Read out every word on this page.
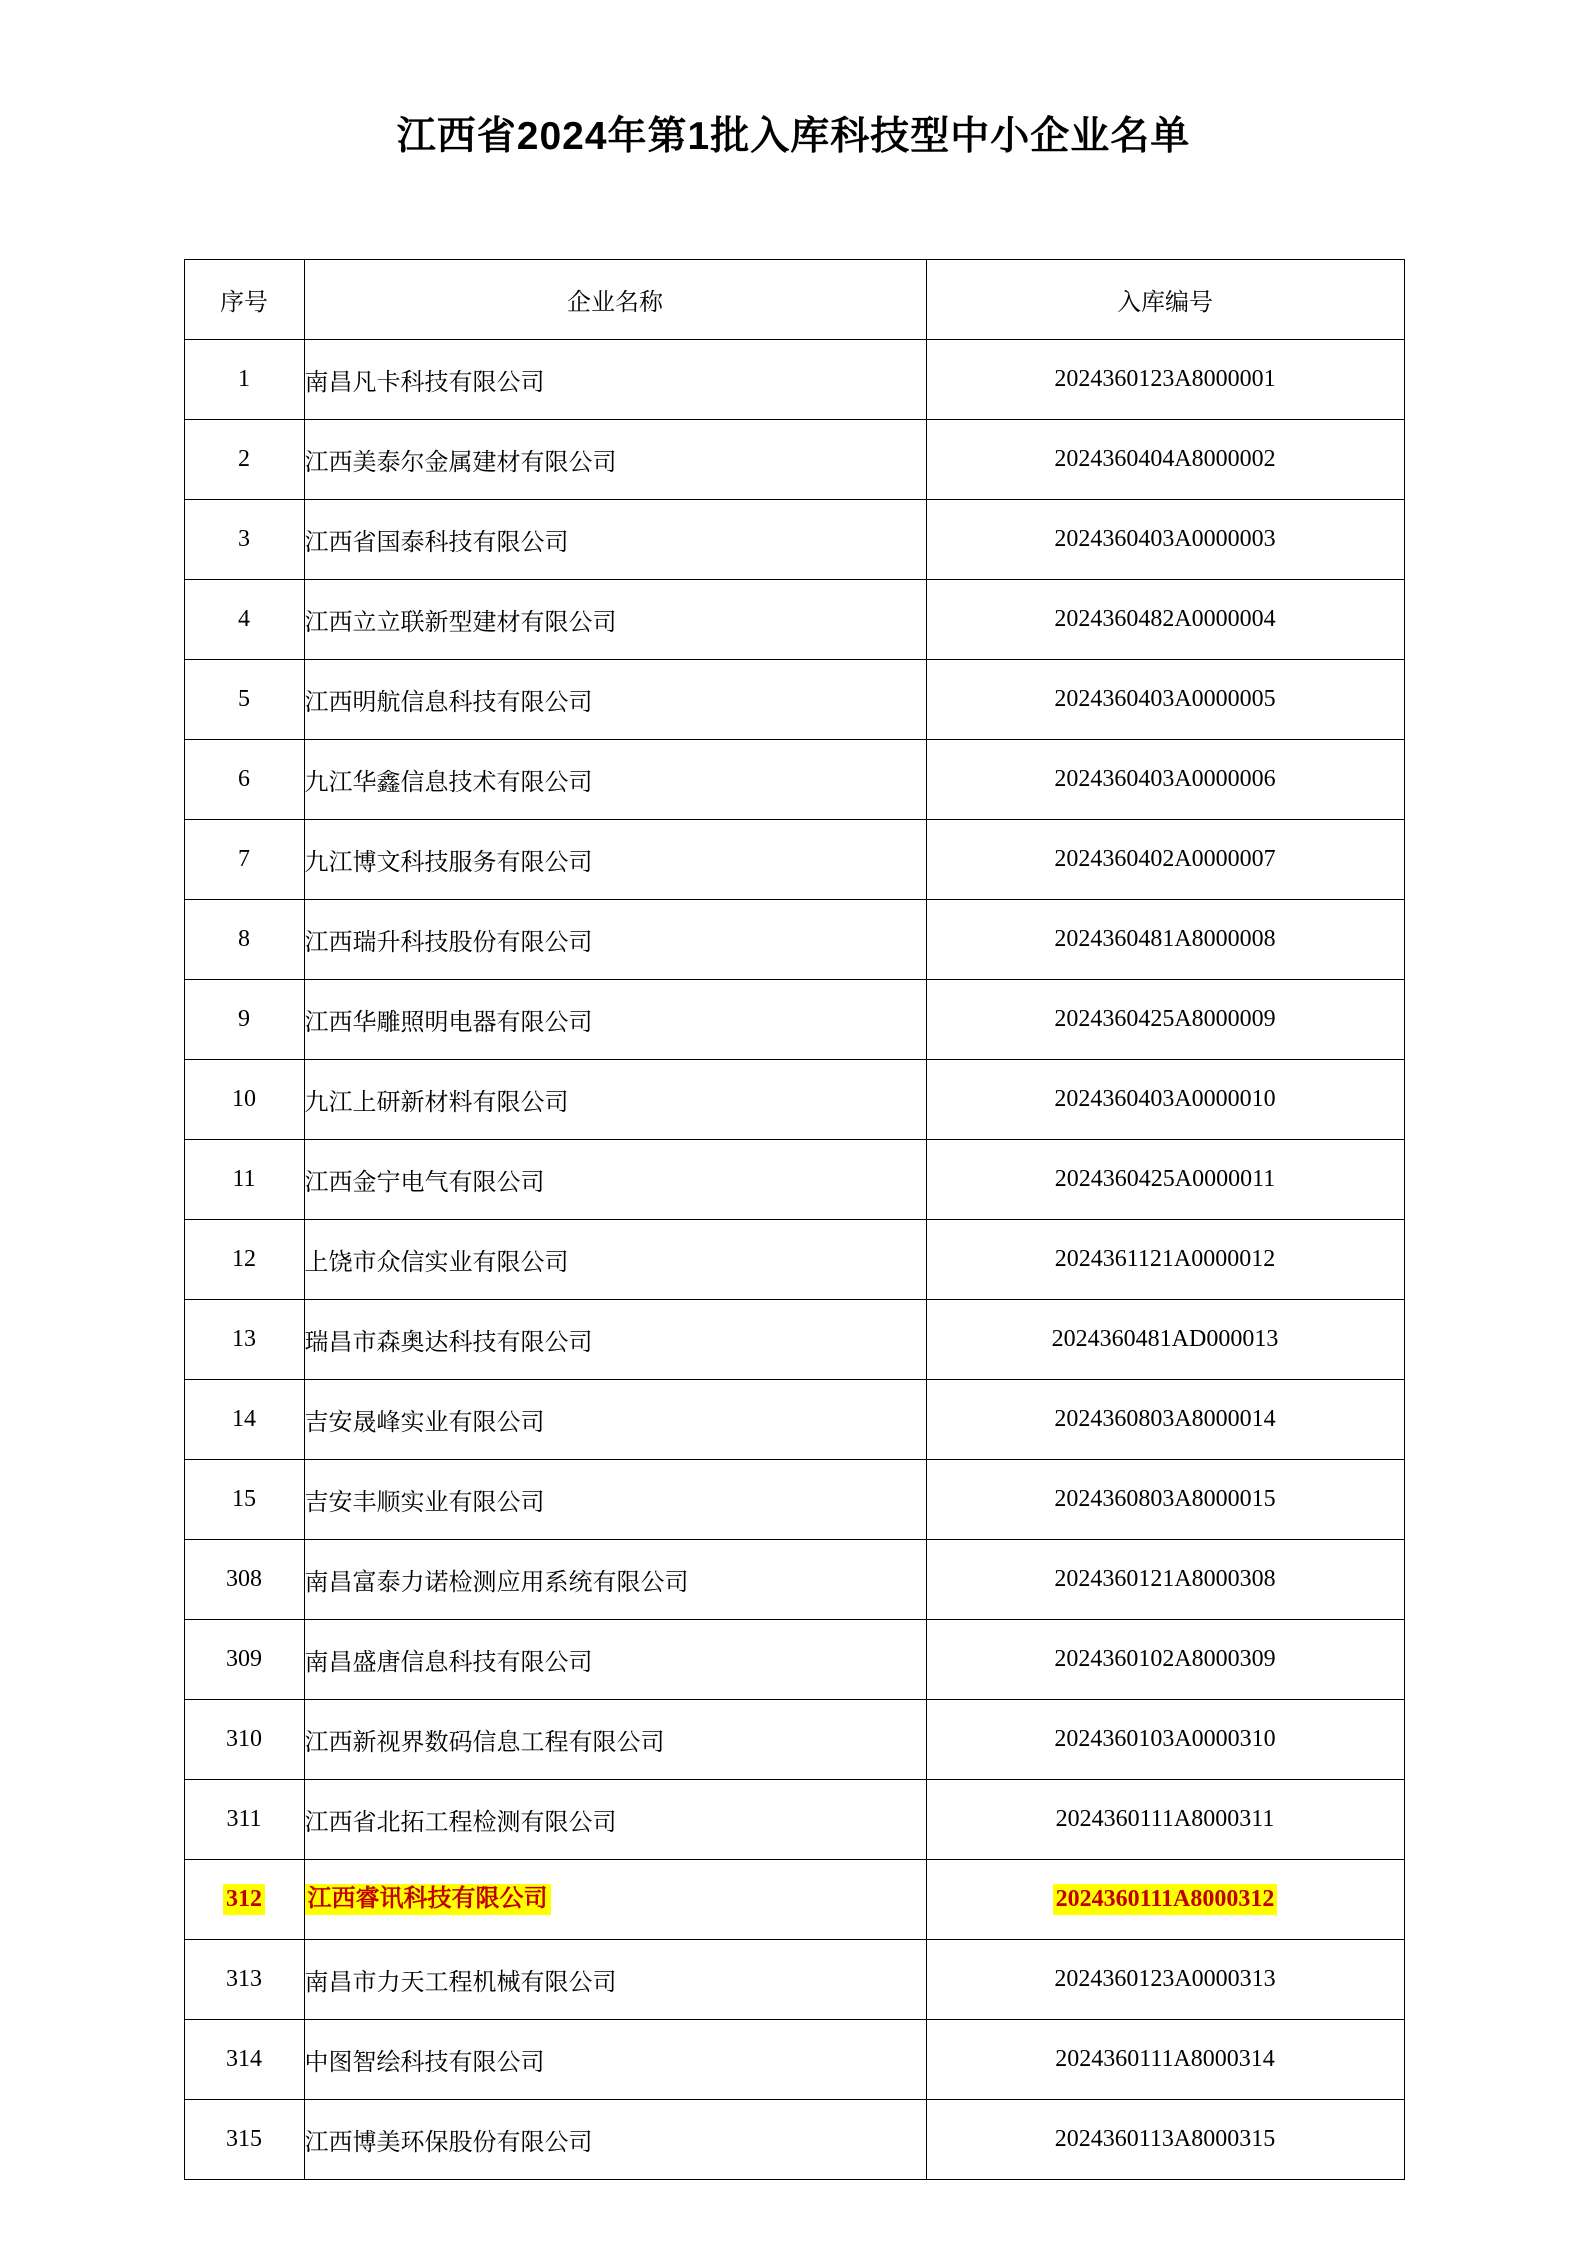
江西省2024年第1批入库科技型中小企业名单
序号	企业名称	入库编号
1	南昌凡卡科技有限公司	2024360123A8000001
2	江西美泰尔金属建材有限公司	2024360404A8000002
3	江西省国泰科技有限公司	2024360403A0000003
4	江西立立联新型建材有限公司	2024360482A0000004
5	江西明航信息科技有限公司	2024360403A0000005
6	九江华鑫信息技术有限公司	2024360403A0000006
7	九江博文科技服务有限公司	2024360402A0000007
8	江西瑞升科技股份有限公司	2024360481A8000008
9	江西华雕照明电器有限公司	2024360425A8000009
10	九江上研新材料有限公司	2024360403A0000010
11	江西金宁电气有限公司	2024360425A0000011
12	上饶市众信实业有限公司	2024361121A0000012
13	瑞昌市森奥达科技有限公司	2024360481AD000013
14	吉安晟峰实业有限公司	2024360803A8000014
15	吉安丰顺实业有限公司	2024360803A8000015
308	南昌富泰力诺检测应用系统有限公司	2024360121A8000308
309	南昌盛唐信息科技有限公司	2024360102A8000309
310	江西新视界数码信息工程有限公司	2024360103A0000310
311	江西省北拓工程检测有限公司	2024360111A8000311
312	江西睿讯科技有限公司	2024360111A8000312
313	南昌市力天工程机械有限公司	2024360123A0000313
314	中图智绘科技有限公司	2024360111A8000314
315	江西博美环保股份有限公司	2024360113A8000315
